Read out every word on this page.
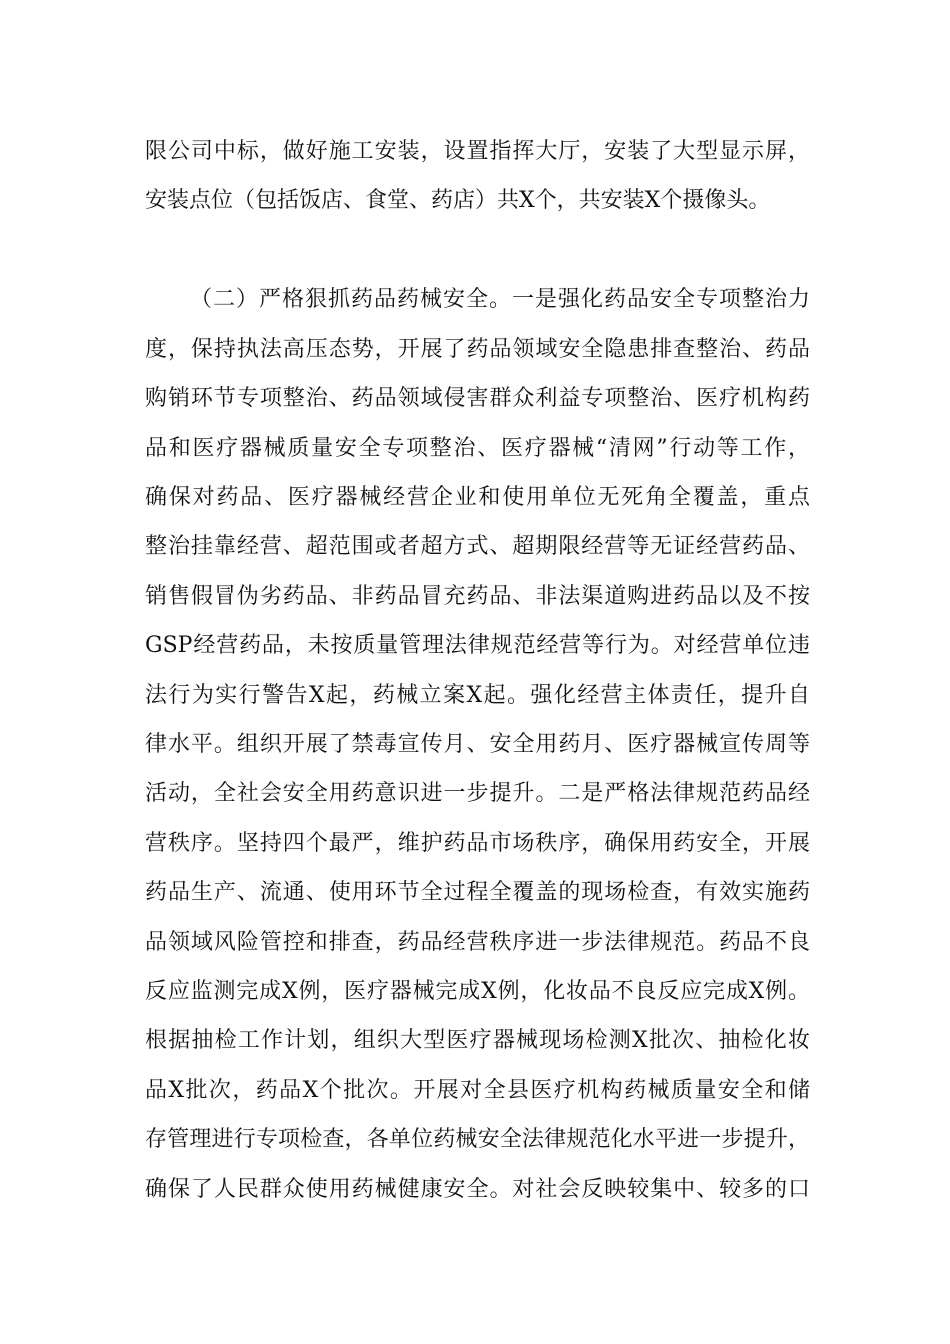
限公司中标，做好施工安装，设置指挥大厅，安装了大型显示屏，
安装点位（包括饭店、食堂、药店）共X个，共安装X个摄像头。
（二）严格狠抓药品药械安全。一是强化药品安全专项整治力
度，保持执法高压态势，开展了药品领域安全隐患排查整治、药品
购销环节专项整治、药品领域侵害群众利益专项整治、医疗机构药
品和医疗器械质量安全专项整治、医疗器械“清网”行动等工作，
确保对药品、医疗器械经营企业和使用单位无死角全覆盖，重点
整治挂靠经营、超范围或者超方式、超期限经营等无证经营药品、
销售假冒伪劣药品、非药品冒充药品、非法渠道购进药品以及不按
GSP经营药品，未按质量管理法律规范经营等行为。对经营单位违
法行为实行警告X起，药械立案X起。强化经营主体责任，提升自
律水平。组织开展了禁毒宣传月、安全用药月、医疗器械宣传周等
活动，全社会安全用药意识进一步提升。二是严格法律规范药品经
营秩序。坚持四个最严，维护药品市场秩序，确保用药安全，开展
药品生产、流通、使用环节全过程全覆盖的现场检查，有效实施药
品领域风险管控和排查，药品经营秩序进一步法律规范。药品不良
反应监测完成X例，医疗器械完成X例，化妆品不良反应完成X例。
根据抽检工作计划，组织大型医疗器械现场检测X批次、抽检化妆
品X批次，药品X个批次。开展对全县医疗机构药械质量安全和储
存管理进行专项检查，各单位药械安全法律规范化水平进一步提升，
确保了人民群众使用药械健康安全。对社会反映较集中、较多的口
